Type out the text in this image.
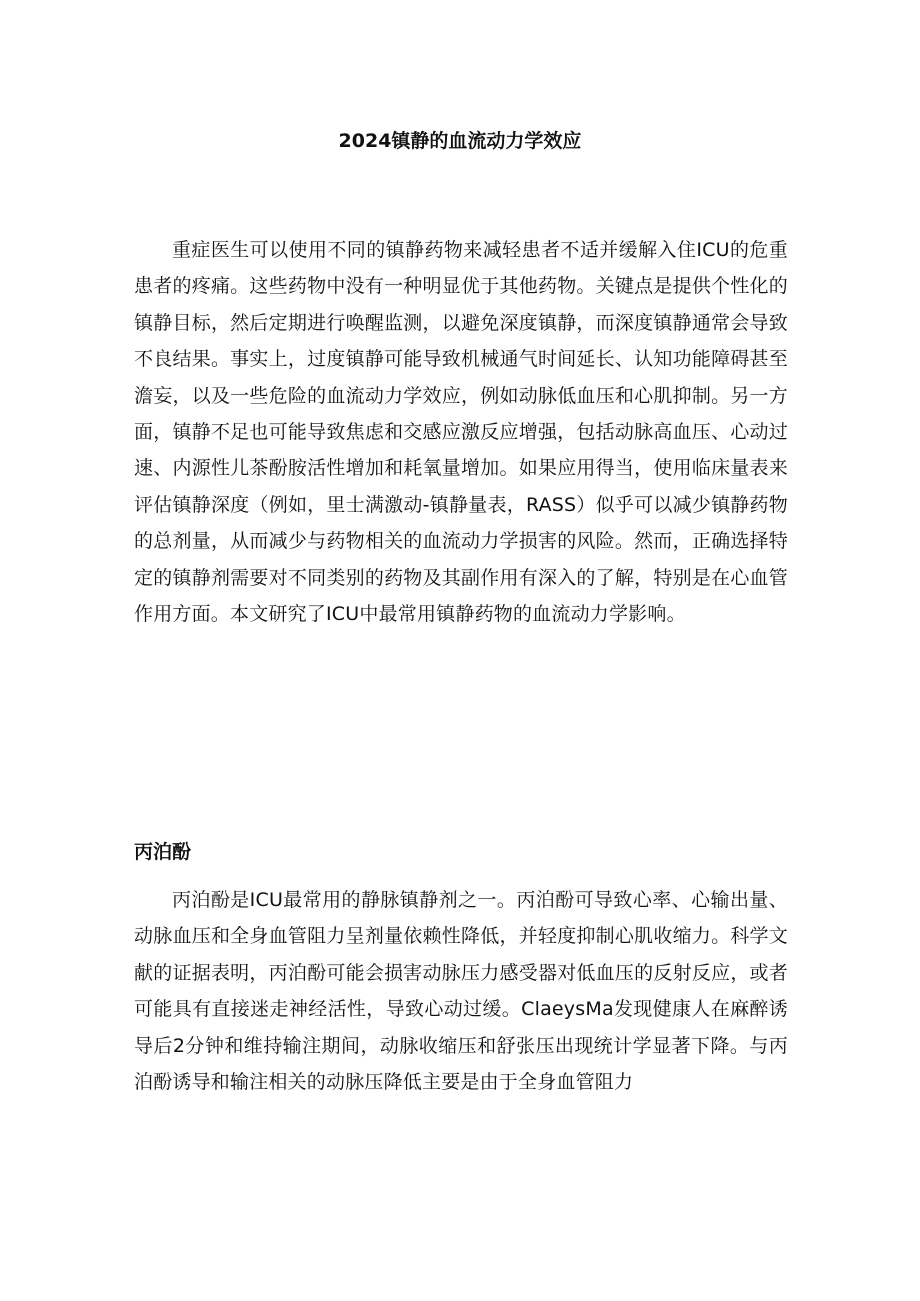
2024镇静的血流动力学效应

重症医生可以使用不同的镇静药物来减轻患者不适并缓解入住ICU的危重患者的疼痛。这些药物中没有一种明显优于其他药物。关键点是提供个性化的镇静目标，然后定期进行唤醒监测，以避免深度镇静，而深度镇静通常会导致不良结果。事实上，过度镇静可能导致机械通气时间延长、认知功能障碍甚至澹妄，以及一些危险的血流动力学效应，例如动脉低血压和心肌抑制。另一方面，镇静不足也可能导致焦虑和交感应激反应增强，包括动脉高血压、心动过速、内源性儿茶酚胺活性增加和耗氧量增加。如果应用得当，使用临床量表来评估镇静深度（例如，里士满激动-镇静量表，RASS）似乎可以减少镇静药物的总剂量，从而减少与药物相关的血流动力学损害的风险。然而，正确选择特定的镇静剂需要对不同类别的药物及其副作用有深入的了解，特别是在心血管作用方面。本文研究了ICU中最常用镇静药物的血流动力学影响。

丙泊酚

丙泊酚是ICU最常用的静脉镇静剂之一。丙泊酚可导致心率、心输出量、动脉血压和全身血管阻力呈剂量依赖性降低，并轻度抑制心肌收缩力。科学文献的证据表明，丙泊酚可能会损害动脉压力感受器对低血压的反射反应，或者可能具有直接迷走神经活性，导致心动过缓。ClaeysMa发现健康人在麻醉诱导后2分钟和维持输注期间，动脉收缩压和舒张压出现统计学显著下降。与丙泊酚诱导和输注相关的动脉压降低主要是由于全身血管阻力
